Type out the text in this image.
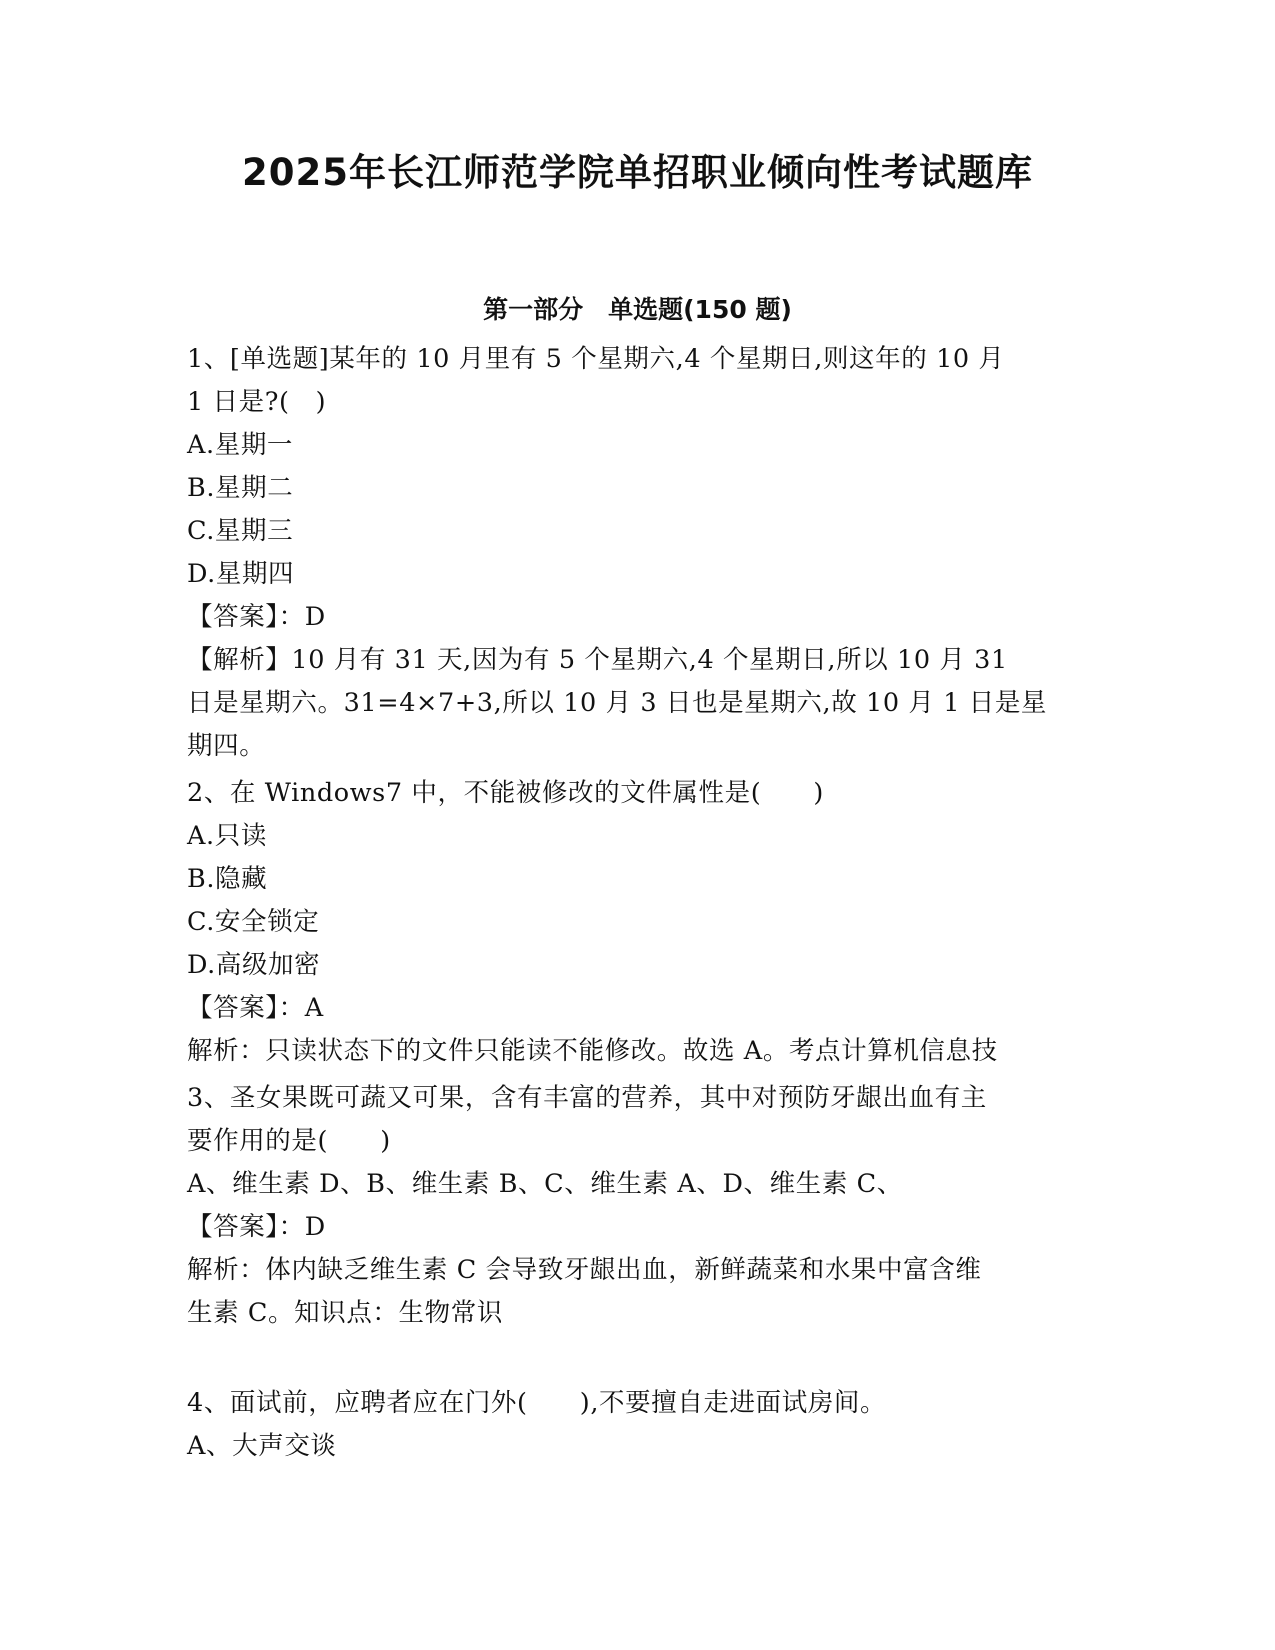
2025年长江师范学院单招职业倾向性考试题库
第一部分　单选题(150 题)
1、[单选题]某年的 10 月里有 5 个星期六,4 个星期日,则这年的 10 月
1 日是?(　)
A.星期一
B.星期二
C.星期三
D.星期四
【答案】：D
【解析】10 月有 31 天,因为有 5 个星期六,4 个星期日,所以 10 月 31
日是星期六。31=4×7+3,所以 10 月 3 日也是星期六,故 10 月 1 日是星
期四。
2、在 Windows7 中，不能被修改的文件属性是(　　)
A.只读
B.隐藏
C.安全锁定
D.高级加密
【答案】：A
解析：只读状态下的文件只能读不能修改。故选 A。考点计算机信息技
3、圣女果既可蔬又可果，含有丰富的营养，其中对预防牙龈出血有主
要作用的是(　　)
A、维生素 D、B、维生素 B、C、维生素 A、D、维生素 C、
【答案】：D
解析：体内缺乏维生素 C 会导致牙龈出血，新鲜蔬菜和水果中富含维
生素 C。知识点：生物常识
4、面试前，应聘者应在门外(　　),不要擅自走进面试房间。
A、大声交谈
